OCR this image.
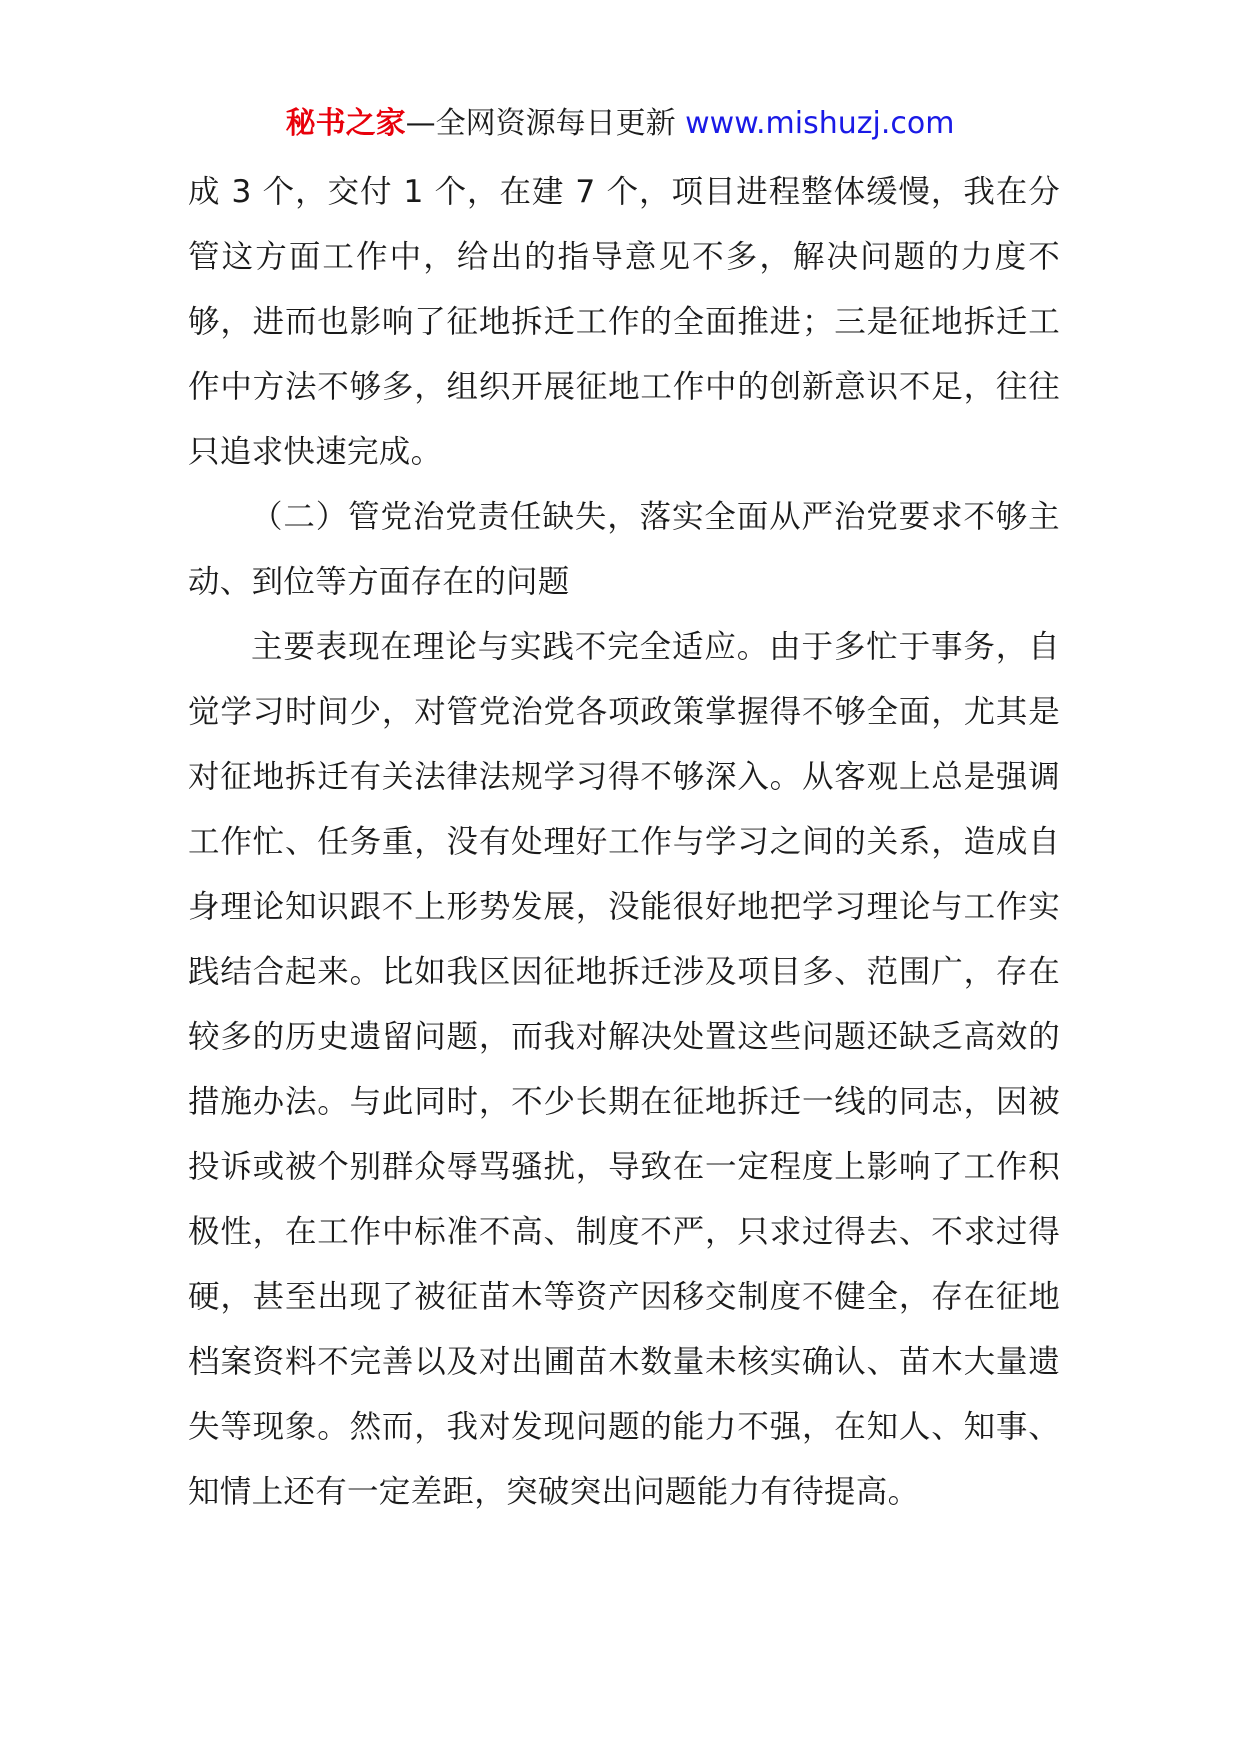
秘书之家—全网资源每日更新 www.mishuzj.com

成 3 个，交付 1 个，在建 7 个，项目进程整体缓慢，我在分管这方面工作中，给出的指导意见不多，解决问题的力度不够，进而也影响了征地拆迁工作的全面推进；三是征地拆迁工作中方法不够多，组织开展征地工作中的创新意识不足，往往只追求快速完成。

（二）管党治党责任缺失，落实全面从严治党要求不够主动、到位等方面存在的问题

主要表现在理论与实践不完全适应。由于多忙于事务，自觉学习时间少，对管党治党各项政策掌握得不够全面，尤其是对征地拆迁有关法律法规学习得不够深入。从客观上总是强调工作忙、任务重，没有处理好工作与学习之间的关系，造成自身理论知识跟不上形势发展，没能很好地把学习理论与工作实践结合起来。比如我区因征地拆迁涉及项目多、范围广，存在较多的历史遗留问题，而我对解决处置这些问题还缺乏高效的措施办法。与此同时，不少长期在征地拆迁一线的同志，因被投诉或被个别群众辱骂骚扰，导致在一定程度上影响了工作积极性，在工作中标准不高、制度不严，只求过得去、不求过得硬，甚至出现了被征苗木等资产因移交制度不健全，存在征地档案资料不完善以及对出圃苗木数量未核实确认、苗木大量遗失等现象。然而，我对发现问题的能力不强，在知人、知事、知情上还有一定差距，突破突出问题能力有待提高。
